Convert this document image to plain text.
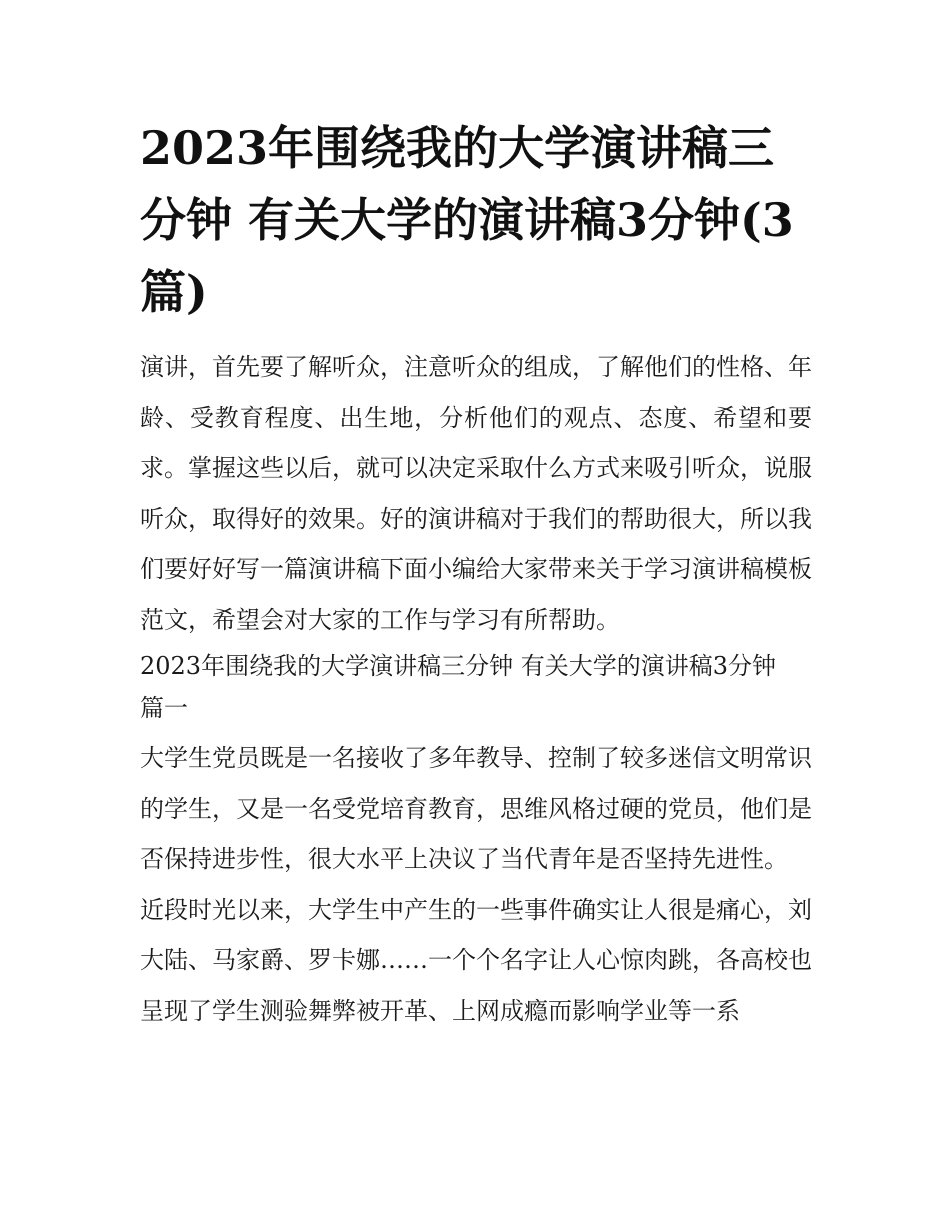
2023年围绕我的大学演讲稿三分钟 有关大学的演讲稿3分钟(3篇)

演讲，首先要了解听众，注意听众的组成，了解他们的性格、年龄、受教育程度、出生地，分析他们的观点、态度、希望和要求。掌握这些以后，就可以决定采取什么方式来吸引听众，说服听众，取得好的效果。好的演讲稿对于我们的帮助很大，所以我们要好好写一篇演讲稿下面小编给大家带来关于学习演讲稿模板范文，希望会对大家的工作与学习有所帮助。

2023年围绕我的大学演讲稿三分钟 有关大学的演讲稿3分钟

篇一

大学生党员既是一名接收了多年教导、控制了较多迷信文明常识的学生，又是一名受党培育教育，思维风格过硬的党员，他们是否保持进步性，很大水平上决议了当代青年是否坚持先进性。

近段时光以来，大学生中产生的一些事件确实让人很是痛心，刘大陆、马家爵、罗卡娜……一个个名字让人心惊肉跳，各高校也呈现了学生测验舞弊被开革、上网成瘾而影响学业等一系
